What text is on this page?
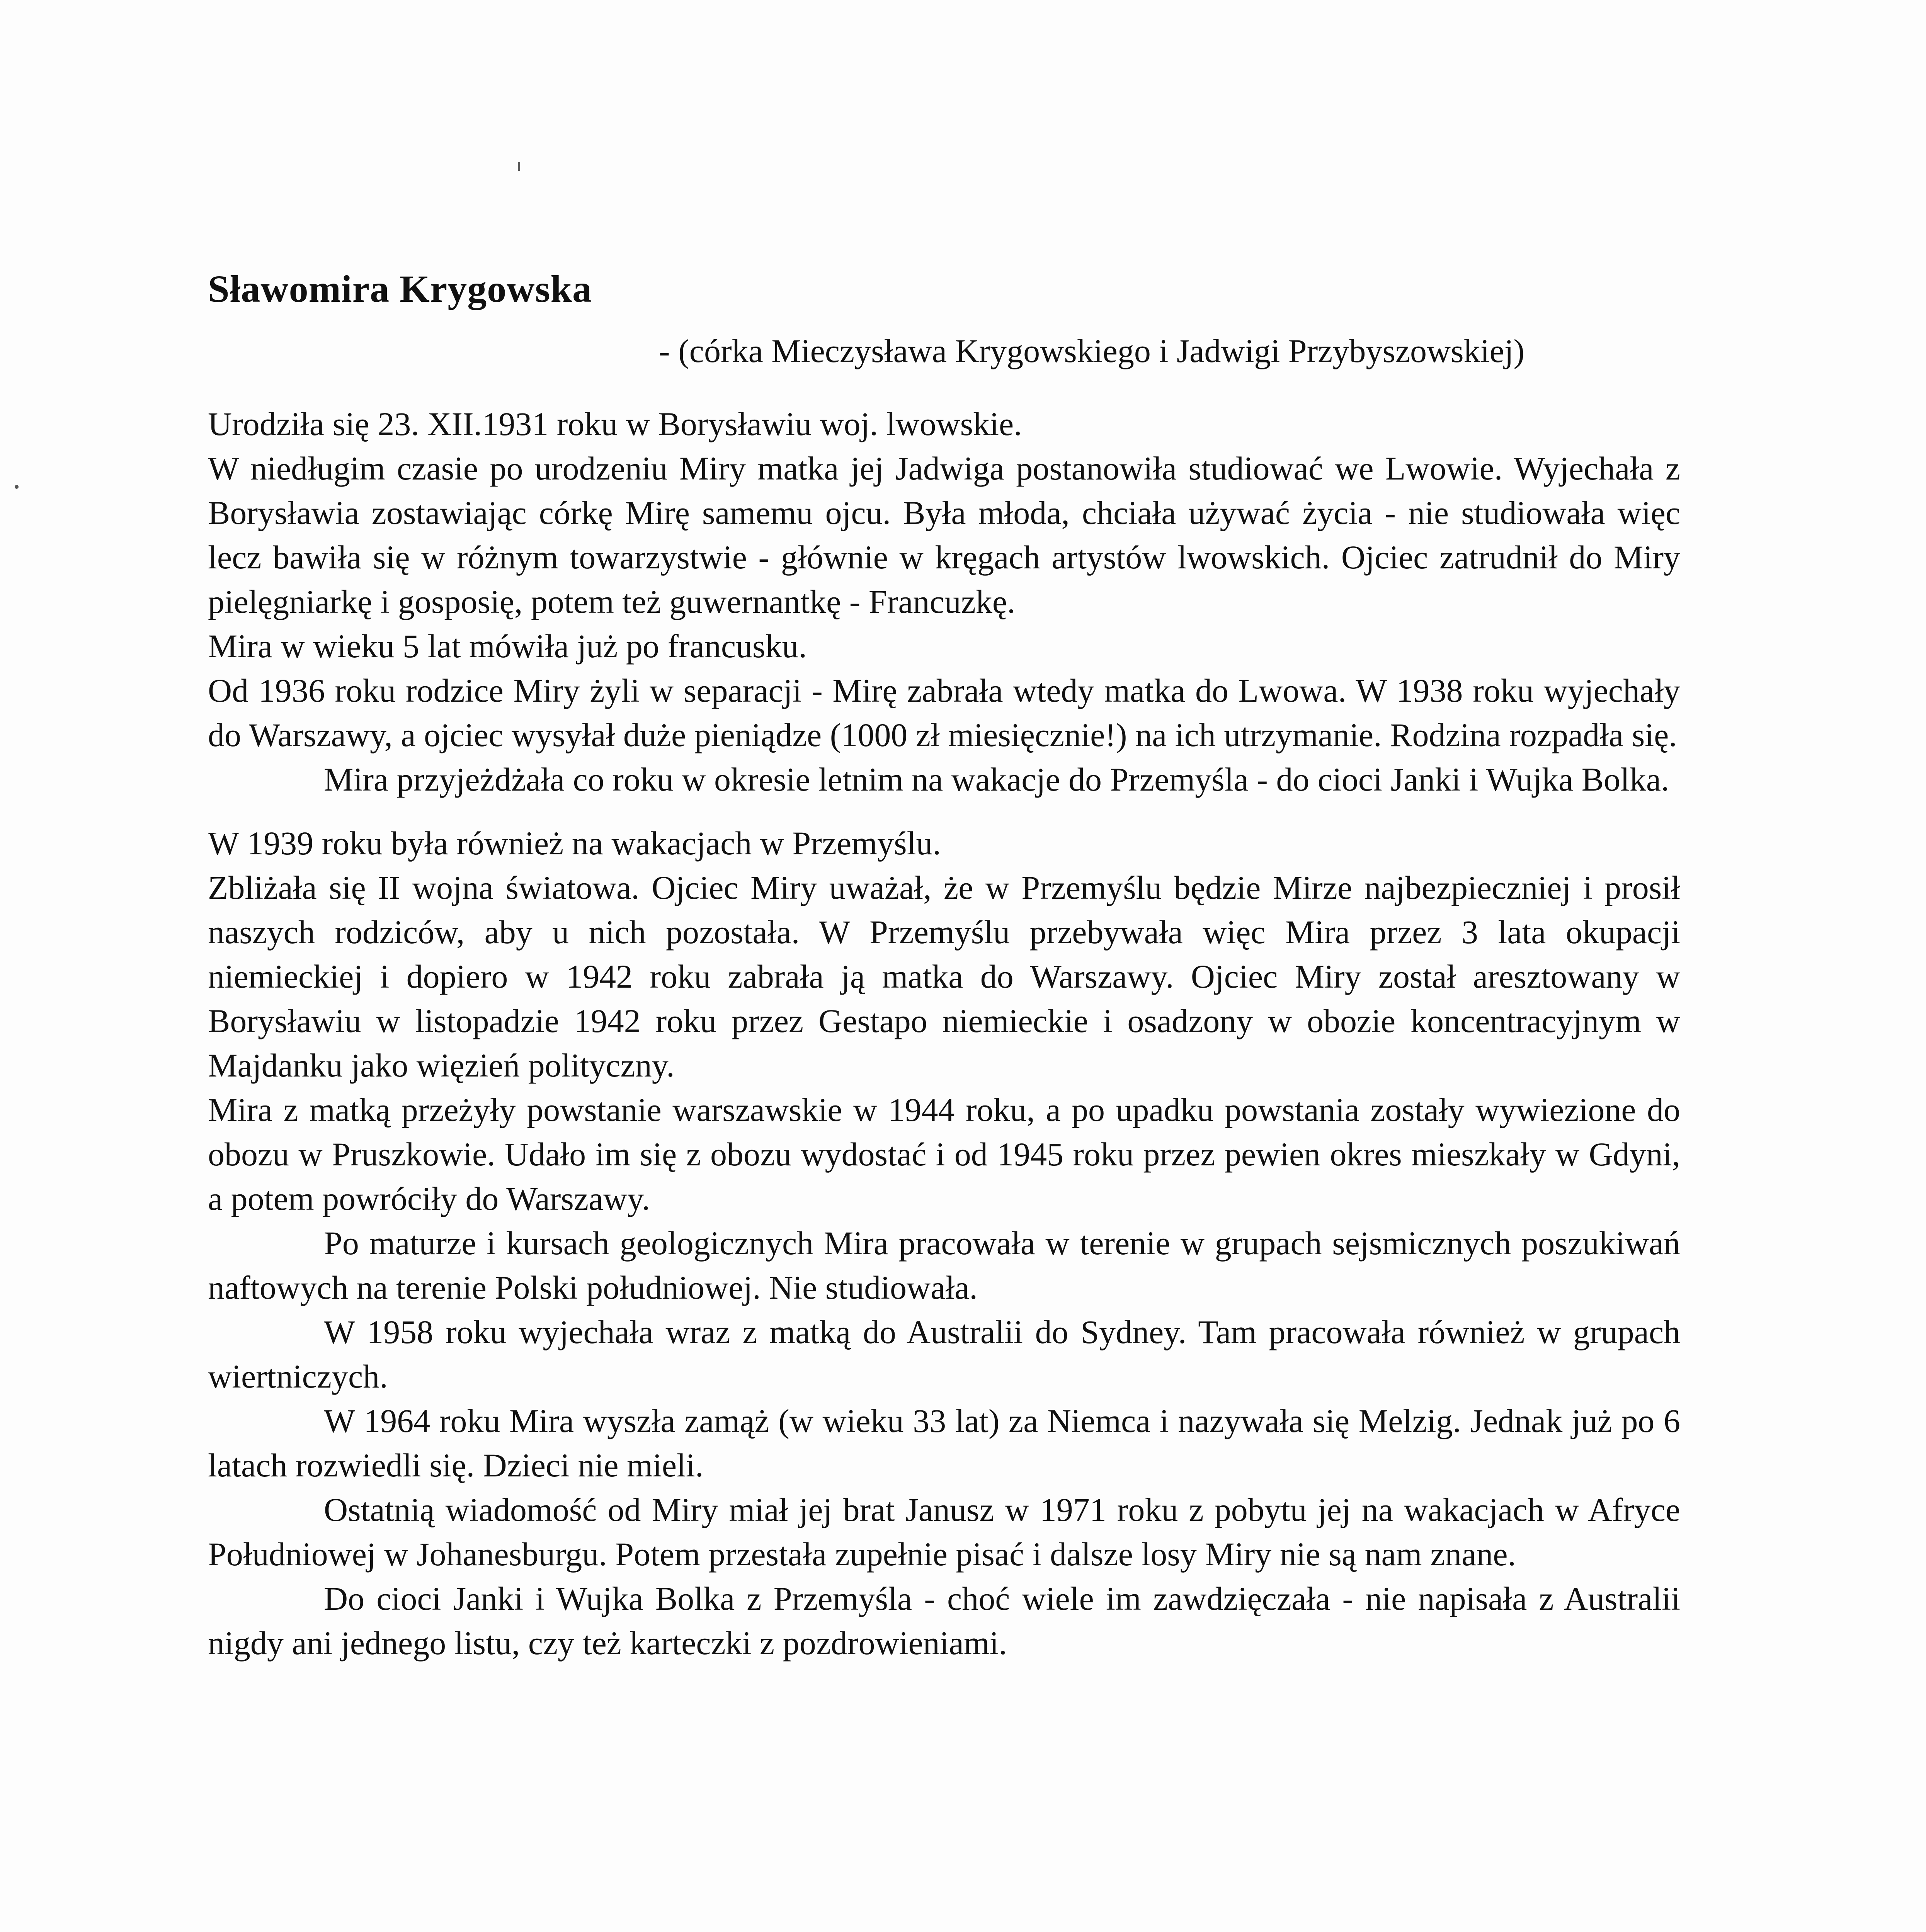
Sławomira Krygowska
- (córka Mieczysława Krygowskiego i Jadwigi Przybyszowskiej)

Urodziła się 23. XII.1931 roku w Borysławiu woj. lwowskie.

W niedługim czasie po urodzeniu Miry matka jej Jadwiga postanowiła studiować we Lwowie. Wyjechała z Borysławia zostawiając córkę Mirę samemu ojcu. Była młoda, chciała używać życia - nie studiowała więc lecz bawiła się w różnym towarzystwie - głównie w kręgach artystów lwowskich. Ojciec zatrudnił do Miry pielęgniarkę i gosposię, potem też guwernantkę - Francuzkę.

Mira w wieku 5 lat mówiła już po francusku.

Od 1936 roku rodzice Miry żyli w separacji - Mirę zabrała wtedy matka do Lwowa. W 1938 roku wyjechały do Warszawy, a ojciec wysyłał duże pieniądze (1000 zł miesięcznie!) na ich utrzymanie. Rodzina rozpadła się.

Mira przyjeżdżała co roku w okresie letnim na wakacje do Przemyśla - do cioci Janki i Wujka Bolka.

W 1939 roku była również na wakacjach w Przemyślu.

Zbliżała się II wojna światowa. Ojciec Miry uważał, że w Przemyślu będzie Mirze najbezpieczniej i prosił naszych rodziców, aby u nich pozostała. W Przemyślu przebywała więc Mira przez 3 lata okupacji niemieckiej i dopiero w 1942 roku zabrała ją matka do Warszawy. Ojciec Miry został aresztowany w Borysławiu w listopadzie 1942 roku przez Gestapo niemieckie i osadzony w obozie koncentracyjnym w Majdanku jako więzień polityczny.

Mira z matką przeżyły powstanie warszawskie w 1944 roku, a po upadku powstania zostały wywiezione do obozu w Pruszkowie. Udało im się z obozu wydostać i od 1945 roku przez pewien okres mieszkały w Gdyni, a potem powróciły do Warszawy.

Po maturze i kursach geologicznych Mira pracowała w terenie w grupach sejsmicznych poszukiwań naftowych na terenie Polski południowej. Nie studiowała.

W 1958 roku wyjechała wraz z matką do Australii do Sydney. Tam pracowała również w grupach wiertniczych.

W 1964 roku Mira wyszła zamąż (w wieku 33 lat) za Niemca i nazywała się Melzig. Jednak już po 6 latach rozwiedli się. Dzieci nie mieli.

Ostatnią wiadomość od Miry miał jej brat Janusz w 1971 roku z pobytu jej na wakacjach w Afryce Południowej w Johanesburgu. Potem przestała zupełnie pisać i dalsze losy Miry nie są nam znane.

Do cioci Janki i Wujka Bolka z Przemyśla - choć wiele im zawdzięczała - nie napisała z Australii nigdy ani jednego listu, czy też karteczki z pozdrowieniami.
